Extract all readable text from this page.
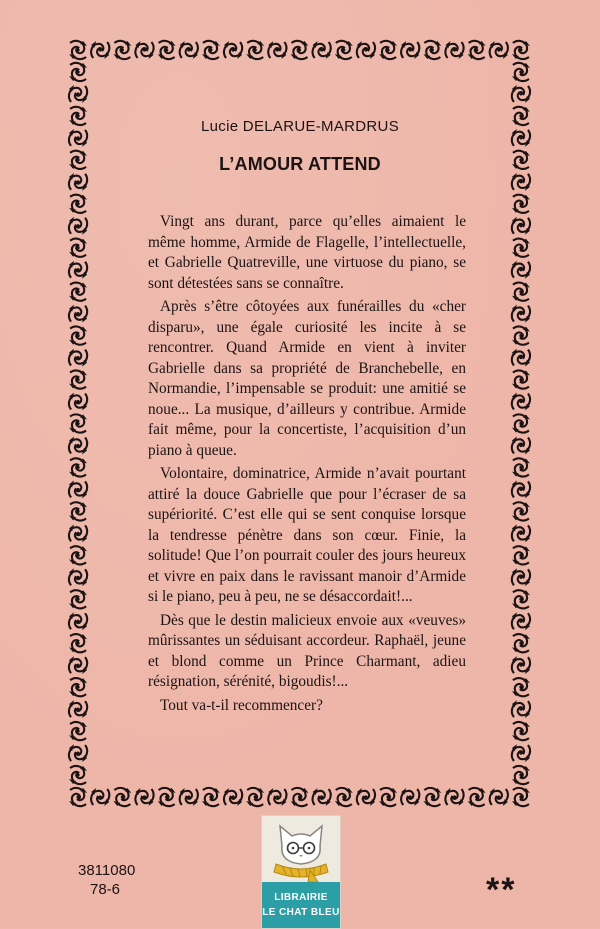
Lucie DELARUE-MARDRUS
L’AMOUR ATTEND

Vingt ans durant, parce qu’elles aimaient le même homme, Armide de Flagelle, l’intellectuelle, et Gabrielle Quatreville, une virtuose du piano, se sont détestées sans se connaître.

Après s’être côtoyées aux funérailles du «cher disparu», une égale curiosité les incite à se rencontrer. Quand Armide en vient à inviter Gabrielle dans sa propriété de Branchebelle, en Normandie, l’impensable se produit: une amitié se noue... La musique, d’ailleurs y contribue. Armide fait même, pour la concertiste, l’acquisition d’un piano à queue.

Volontaire, dominatrice, Armide n’avait pourtant attiré la douce Gabrielle que pour l’écraser de sa supériorité. C’est elle qui se sent conquise lorsque la tendresse pénètre dans son cœur. Finie, la solitude! Que l’on pourrait couler des jours heureux et vivre en paix dans le ravissant manoir d’Armide si le piano, peu à peu, ne se désaccordait!...

Dès que le destin malicieux envoie aux «veuves» mûrissantes un séduisant accordeur. Raphaël, jeune et blond comme un Prince Charmant, adieu résignation, sérénité, bigoudis!...

Tout va-t-il recommencer?

3811080
78-6	**
LIBRAIRIE
LE CHAT BLEU
